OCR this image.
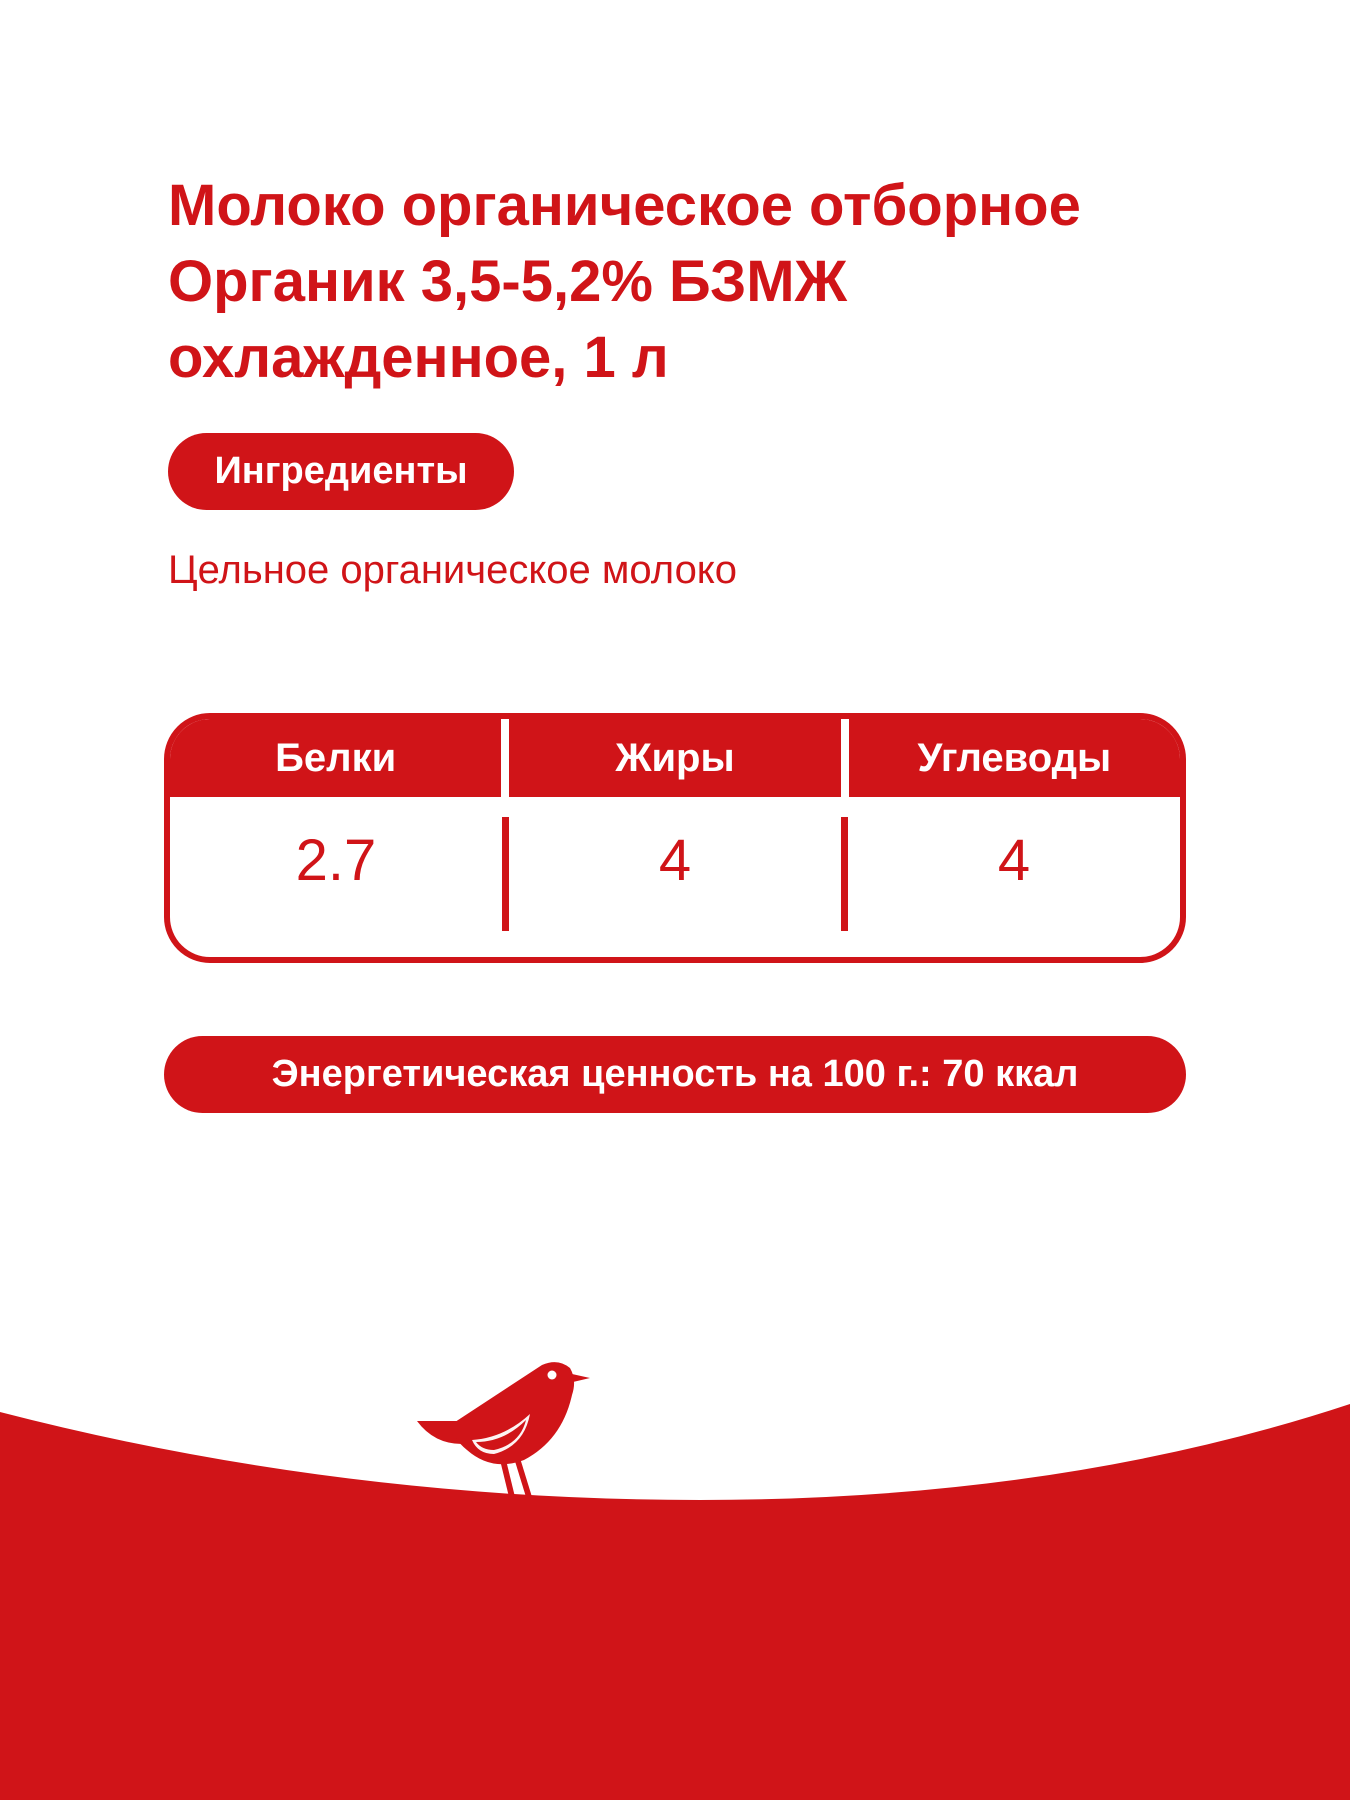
Молоко органическое отборное
Органик 3,5-5,2% БЗМЖ
охлажденное, 1 л
Ингредиенты
Цельное органическое молоко
Белки	Жиры	Углеводы
2.7	4	4
Энергетическая ценность на 100 г.: 70 ккал
